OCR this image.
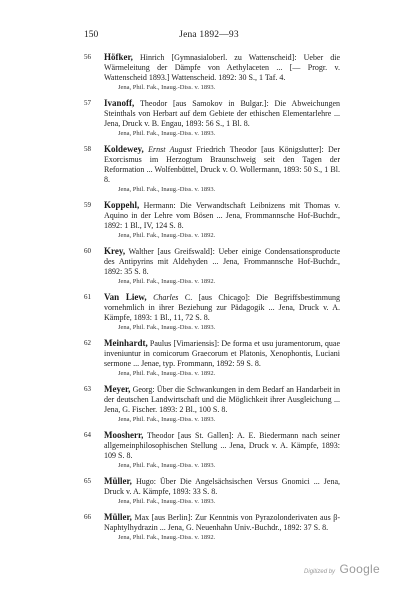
150	Jena 1892—93
56 Höfker, Hinrich [Gymnasialoberl. zu Wattenscheid]: Ueber die Wärmeleitung der Dämpfe von Aethylaceten ... [— Progr. v. Wattenscheid 1893.] Wattenscheid. 1892: 30 S., 1 Taf. 4.
Jena, Phil. Fak., Inaug.-Diss. v. 1893.
57 Ivanoff, Theodor [aus Samokov in Bulgar.]: Die Abweichungen Steinthals von Herbart auf dem Gebiete der ethischen Elementarlehre ... Jena, Druck v. B. Engau, 1893: 56 S., 1 Bl. 8.
Jena, Phil. Fak., Inaug.-Diss. v. 1893.
58 Koldewey, Ernst August Friedrich Theodor [aus Königslutter]: Der Exorcismus im Herzogtum Braunschweig seit den Tagen der Reformation ... Wolfenbüttel, Druck v. O. Wollermann, 1893: 50 S., 1 Bl. 8.
Jena, Phil. Fak., Inaug.-Diss. v. 1893.
59 Koppehl, Hermann: Die Verwandtschaft Leibnizens mit Thomas v. Aquino in der Lehre vom Bösen ... Jena, Frommannsche Hof-Buchdr., 1892: 1 Bl., IV, 124 S. 8.
Jena, Phil. Fak., Inaug.-Diss. v. 1892.
60 Krey, Walther [aus Greifswald]: Ueber einige Condensationsproducte des Antipyrins mit Aldehyden ... Jena, Frommannsche Hof-Buchdr., 1892: 35 S. 8.
Jena, Phil. Fak., Inaug.-Diss. v. 1892.
61 Van Liew, Charles C. [aus Chicago]: Die Begriffsbestimmung vornehmlich in ihrer Beziehung zur Pädagogik ... Jena, Druck v. A. Kämpfe, 1893: 1 Bl., 11, 72 S. 8.
Jena, Phil. Fak., Inaug.-Diss. v. 1893.
62 Meinhardt, Paulus [Vimariensis]: De forma et usu juramentorum, quae inveniuntur in comicorum Graecorum et Platonis, Xenophontis, Luciani sermone ... Jenae, typ. Frommann, 1892: 59 S. 8.
Jena, Phil. Fak., Inaug.-Diss. v. 1892.
63 Meyer, Georg: Über die Schwankungen in dem Bedarf an Handarbeit in der deutschen Landwirtschaft und die Möglichkeit ihrer Ausgleichung ... Jena, G. Fischer. 1893: 2 Bl., 100 S. 8.
Jena, Phil. Fak., Inaug.-Diss. v. 1893.
64 Moosherr, Theodor [aus St. Gallen]: A. E. Biedermann nach seiner allgemeinphilosophischen Stellung ... Jena, Druck v. A. Kämpfe, 1893: 109 S. 8.
Jena, Phil. Fak., Inaug.-Diss. v. 1893.
65 Müller, Hugo: Über Die Angelsächsischen Versus Gnomici ... Jena, Druck v. A. Kämpfe, 1893: 33 S. 8.
Jena, Phil. Fak., Inaug.-Diss. v. 1893.
66 Müller, Max [aus Berlin]: Zur Kenntnis von Pyrazolonderivaten aus β-Naphtylhydrazin ... Jena, G. Neuenhahn Univ.-Buchdr., 1892: 37 S. 8.
Jena, Phil. Fak., Inaug.-Diss. v. 1892.
Digitized by Google
